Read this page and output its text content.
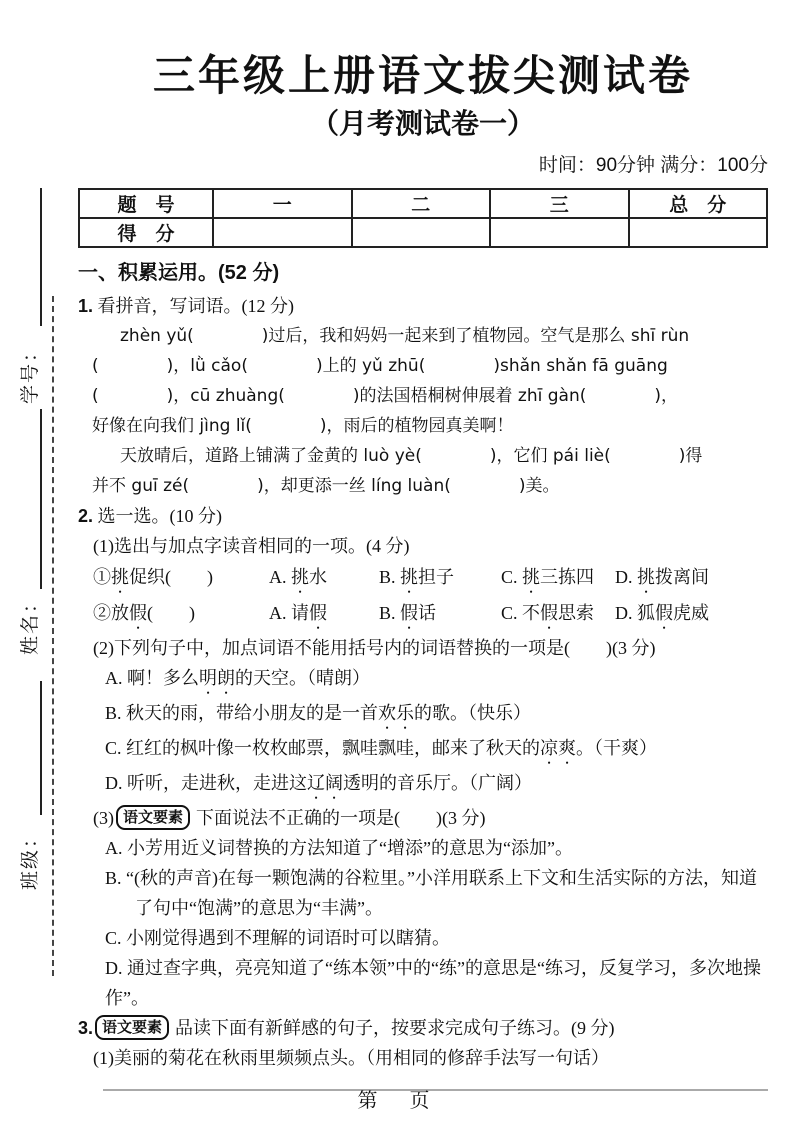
班级：
姓名：
学号：
三年级上册语文拔尖测试卷
（月考测试卷一）
时间：90分钟 满分：100分
题　号	一	二	三	总　分
得　分				
一、积累运用。(52 分)
1. 看拼音，写词语。(12 分)
zhèn yǔ(　　　　)过后，我和妈妈一起来到了植物园。空气是那么 shī rùn
(　　　　)，lǜ cǎo(　　　　)上的 yǔ zhū(　　　　)shǎn shǎn fā guāng
(　　　　)，cū zhuàng(　　　　)的法国梧桐树伸展着 zhī gàn(　　　　)，
好像在向我们 jìng lǐ(　　　　)，雨后的植物园真美啊！
天放晴后，道路上铺满了金黄的 luò yè(　　　　)，它们 pái liè(　　　　)得
并不 guī zé(　　　　)，却更添一丝 líng luàn(　　　　)美。
2. 选一选。(10 分)
(1)选出与加点字读音相同的一项。(4 分)
①挑促织(　　)	A. 挑水	B. 挑担子	C. 挑三拣四	D. 挑拨离间
②放假(　　)	A. 请假	B. 假话	C. 不假思索	D. 狐假虎威
(2)下列句子中，加点词语不能用括号内的词语替换的一项是(　　)(3 分)
A. 啊！多么明朗的天空。（晴朗）
B. 秋天的雨，带给小朋友的是一首欢乐的歌。（快乐）
C. 红红的枫叶像一枚枚邮票，飘哇飘哇，邮来了秋天的凉爽。（干爽）
D. 听听，走进秋，走进这辽阔透明的音乐厅。（广阔）
(3) 语文要素 下面说法不正确的一项是(　　)(3 分)
A. 小芳用近义词替换的方法知道了“增添”的意思为“添加”。
B. “(秋的声音)在每一颗饱满的谷粒里。”小洋用联系上下文和生活实际的方法，知道了句中“饱满”的意思为“丰满”。
C. 小刚觉得遇到不理解的词语时可以瞎猜。
D. 通过查字典，亮亮知道了“练本领”中的“练”的意思是“练习，反复学习，多次地操作”。
3. 语文要素 品读下面有新鲜感的句子，按要求完成句子练习。(9 分)
(1)美丽的菊花在秋雨里频频点头。（用相同的修辞手法写一句话）
第　页
